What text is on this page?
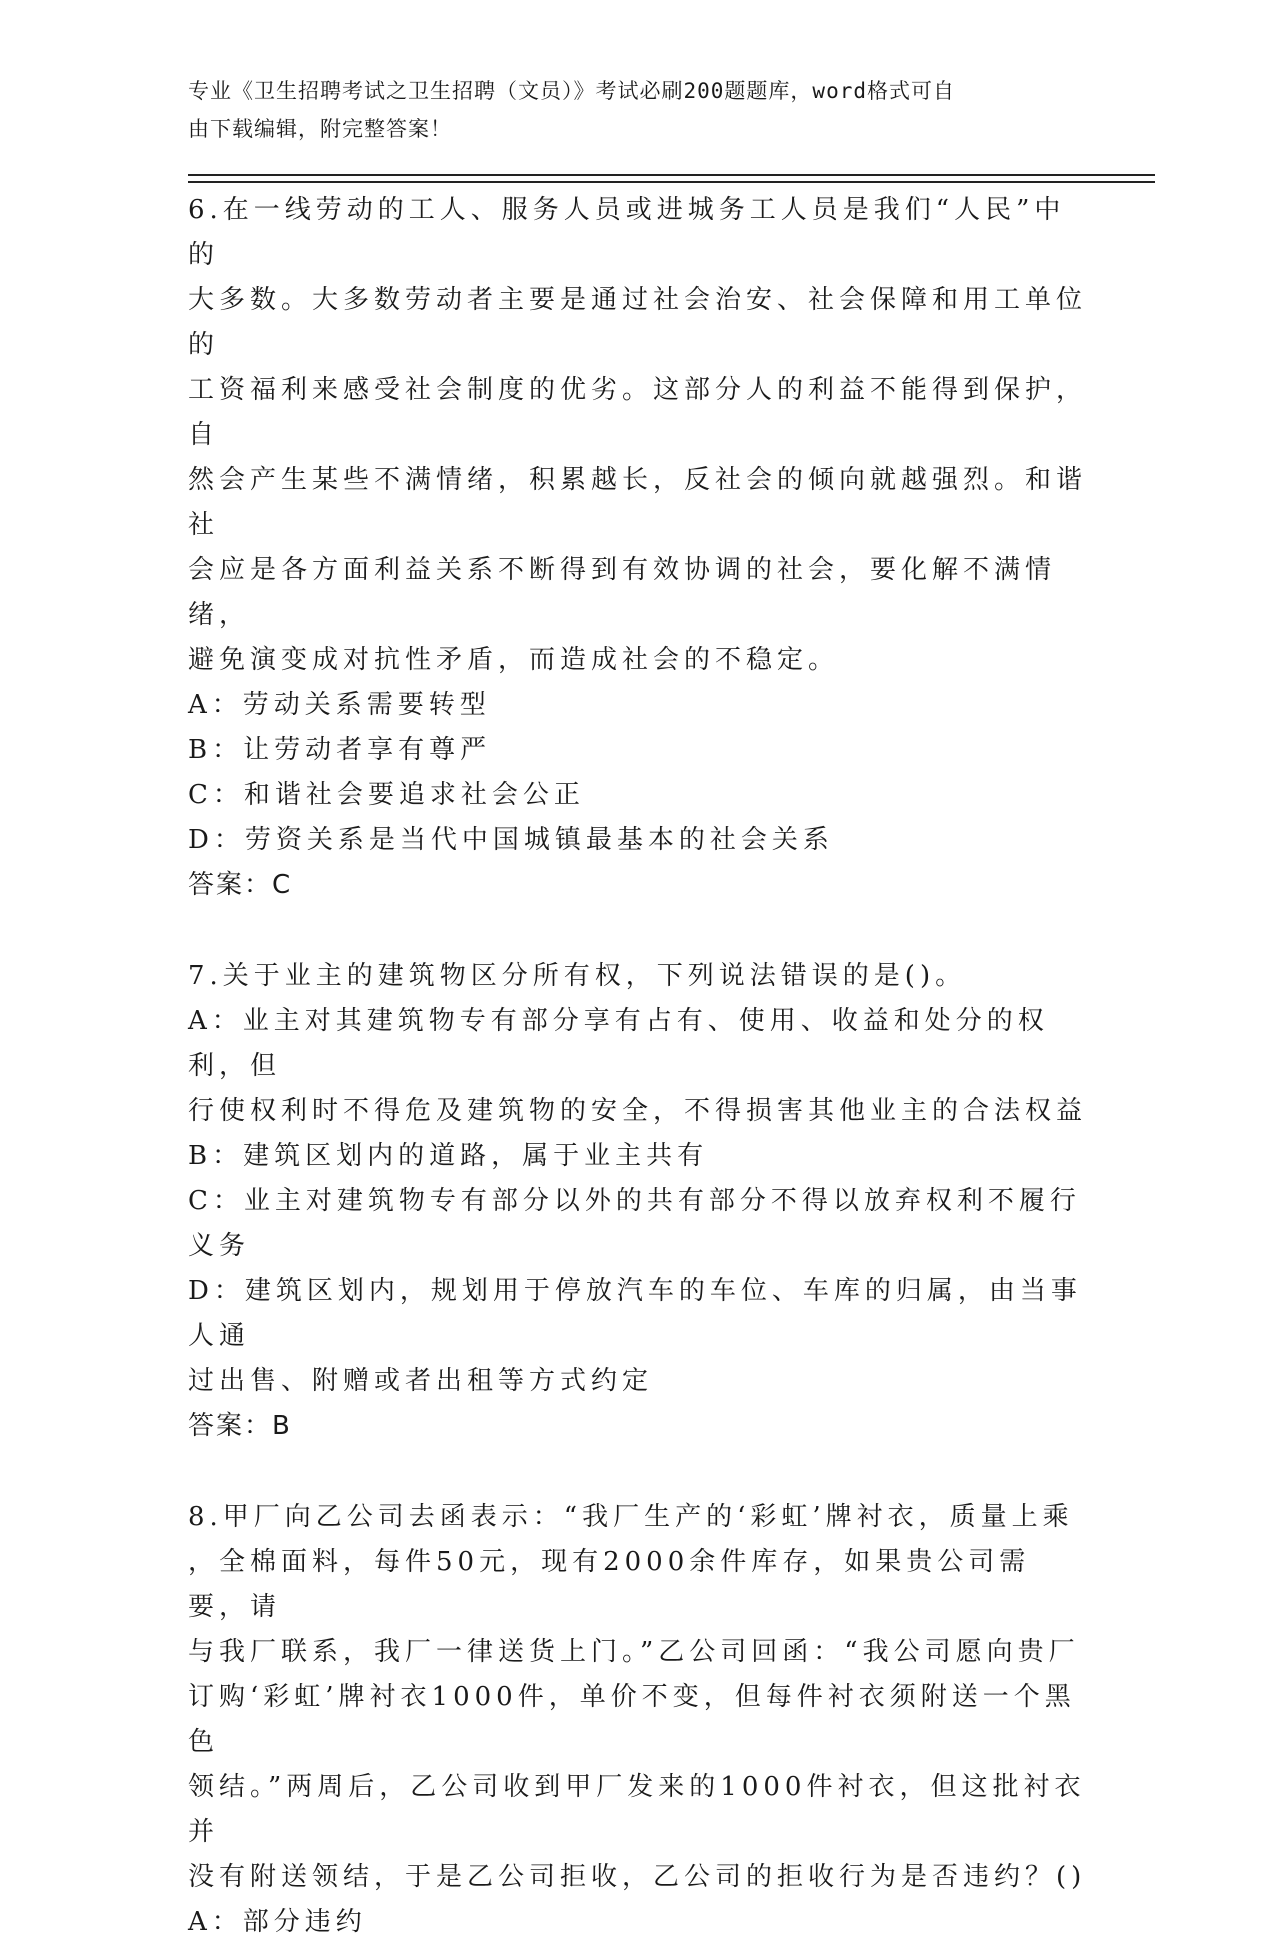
专业《卫生招聘考试之卫生招聘（文员）》考试必刷200题题库，word格式可自
由下载编辑，附完整答案！

6.在一线劳动的工人、服务人员或进城务工人员是我们“人民”中的

大多数。大多数劳动者主要是通过社会治安、社会保障和用工单位的

工资福利来感受社会制度的优劣。这部分人的利益不能得到保护，自

然会产生某些不满情绪，积累越长，反社会的倾向就越强烈。和谐社

会应是各方面利益关系不断得到有效协调的社会，要化解不满情绪，

避免演变成对抗性矛盾，而造成社会的不稳定。

A：劳动关系需要转型

B：让劳动者享有尊严

C：和谐社会要追求社会公正

D：劳资关系是当代中国城镇最基本的社会关系

答案：C

7.关于业主的建筑物区分所有权，下列说法错误的是()。

A：业主对其建筑物专有部分享有占有、使用、收益和处分的权利，但

行使权利时不得危及建筑物的安全，不得损害其他业主的合法权益

B：建筑区划内的道路，属于业主共有

C：业主对建筑物专有部分以外的共有部分不得以放弃权利不履行义务

D：建筑区划内，规划用于停放汽车的车位、车库的归属，由当事人通

过出售、附赠或者出租等方式约定

答案：B

8.甲厂向乙公司去函表示：“我厂生产的‘彩虹’牌衬衣，质量上乘

，全棉面料，每件50元，现有2000余件库存，如果贵公司需要，请

与我厂联系，我厂一律送货上门。”乙公司回函：“我公司愿向贵厂

订购‘彩虹’牌衬衣1000件，单价不变，但每件衬衣须附送一个黑色

领结。”两周后，乙公司收到甲厂发来的1000件衬衣，但这批衬衣并

没有附送领结，于是乙公司拒收，乙公司的拒收行为是否违约？()

A：部分违约
